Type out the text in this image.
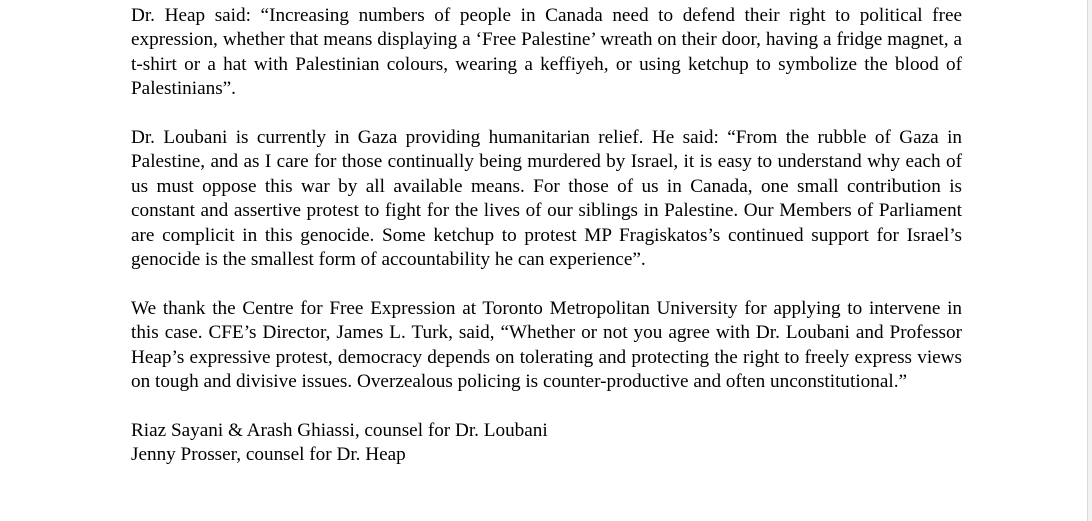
Dr. Heap said: “Increasing numbers of people in Canada need to defend their right to political free expression, whether that means displaying a ‘Free Palestine’ wreath on their door, having a fridge magnet, a t-shirt or a hat with Palestinian colours, wearing a keffiyeh, or using ketchup to symbolize the blood of Palestinians”.

Dr. Loubani is currently in Gaza providing humanitarian relief. He said: “From the rubble of Gaza in Palestine, and as I care for those continually being murdered by Israel, it is easy to understand why each of us must oppose this war by all available means. For those of us in Canada, one small contribution is constant and assertive protest to fight for the lives of our siblings in Palestine. Our Members of Parliament are complicit in this genocide. Some ketchup to protest MP Fragiskatos’s continued support for Israel’s genocide is the smallest form of accountability he can experience”.

We thank the Centre for Free Expression at Toronto Metropolitan University for applying to intervene in this case. CFE’s Director, James L. Turk, said, “Whether or not you agree with Dr. Loubani and Professor Heap’s expressive protest, democracy depends on tolerating and protecting the right to freely express views on tough and divisive issues. Overzealous policing is counter-productive and often unconstitutional.”

Riaz Sayani & Arash Ghiassi, counsel for Dr. Loubani

Jenny Prosser, counsel for Dr. Heap
